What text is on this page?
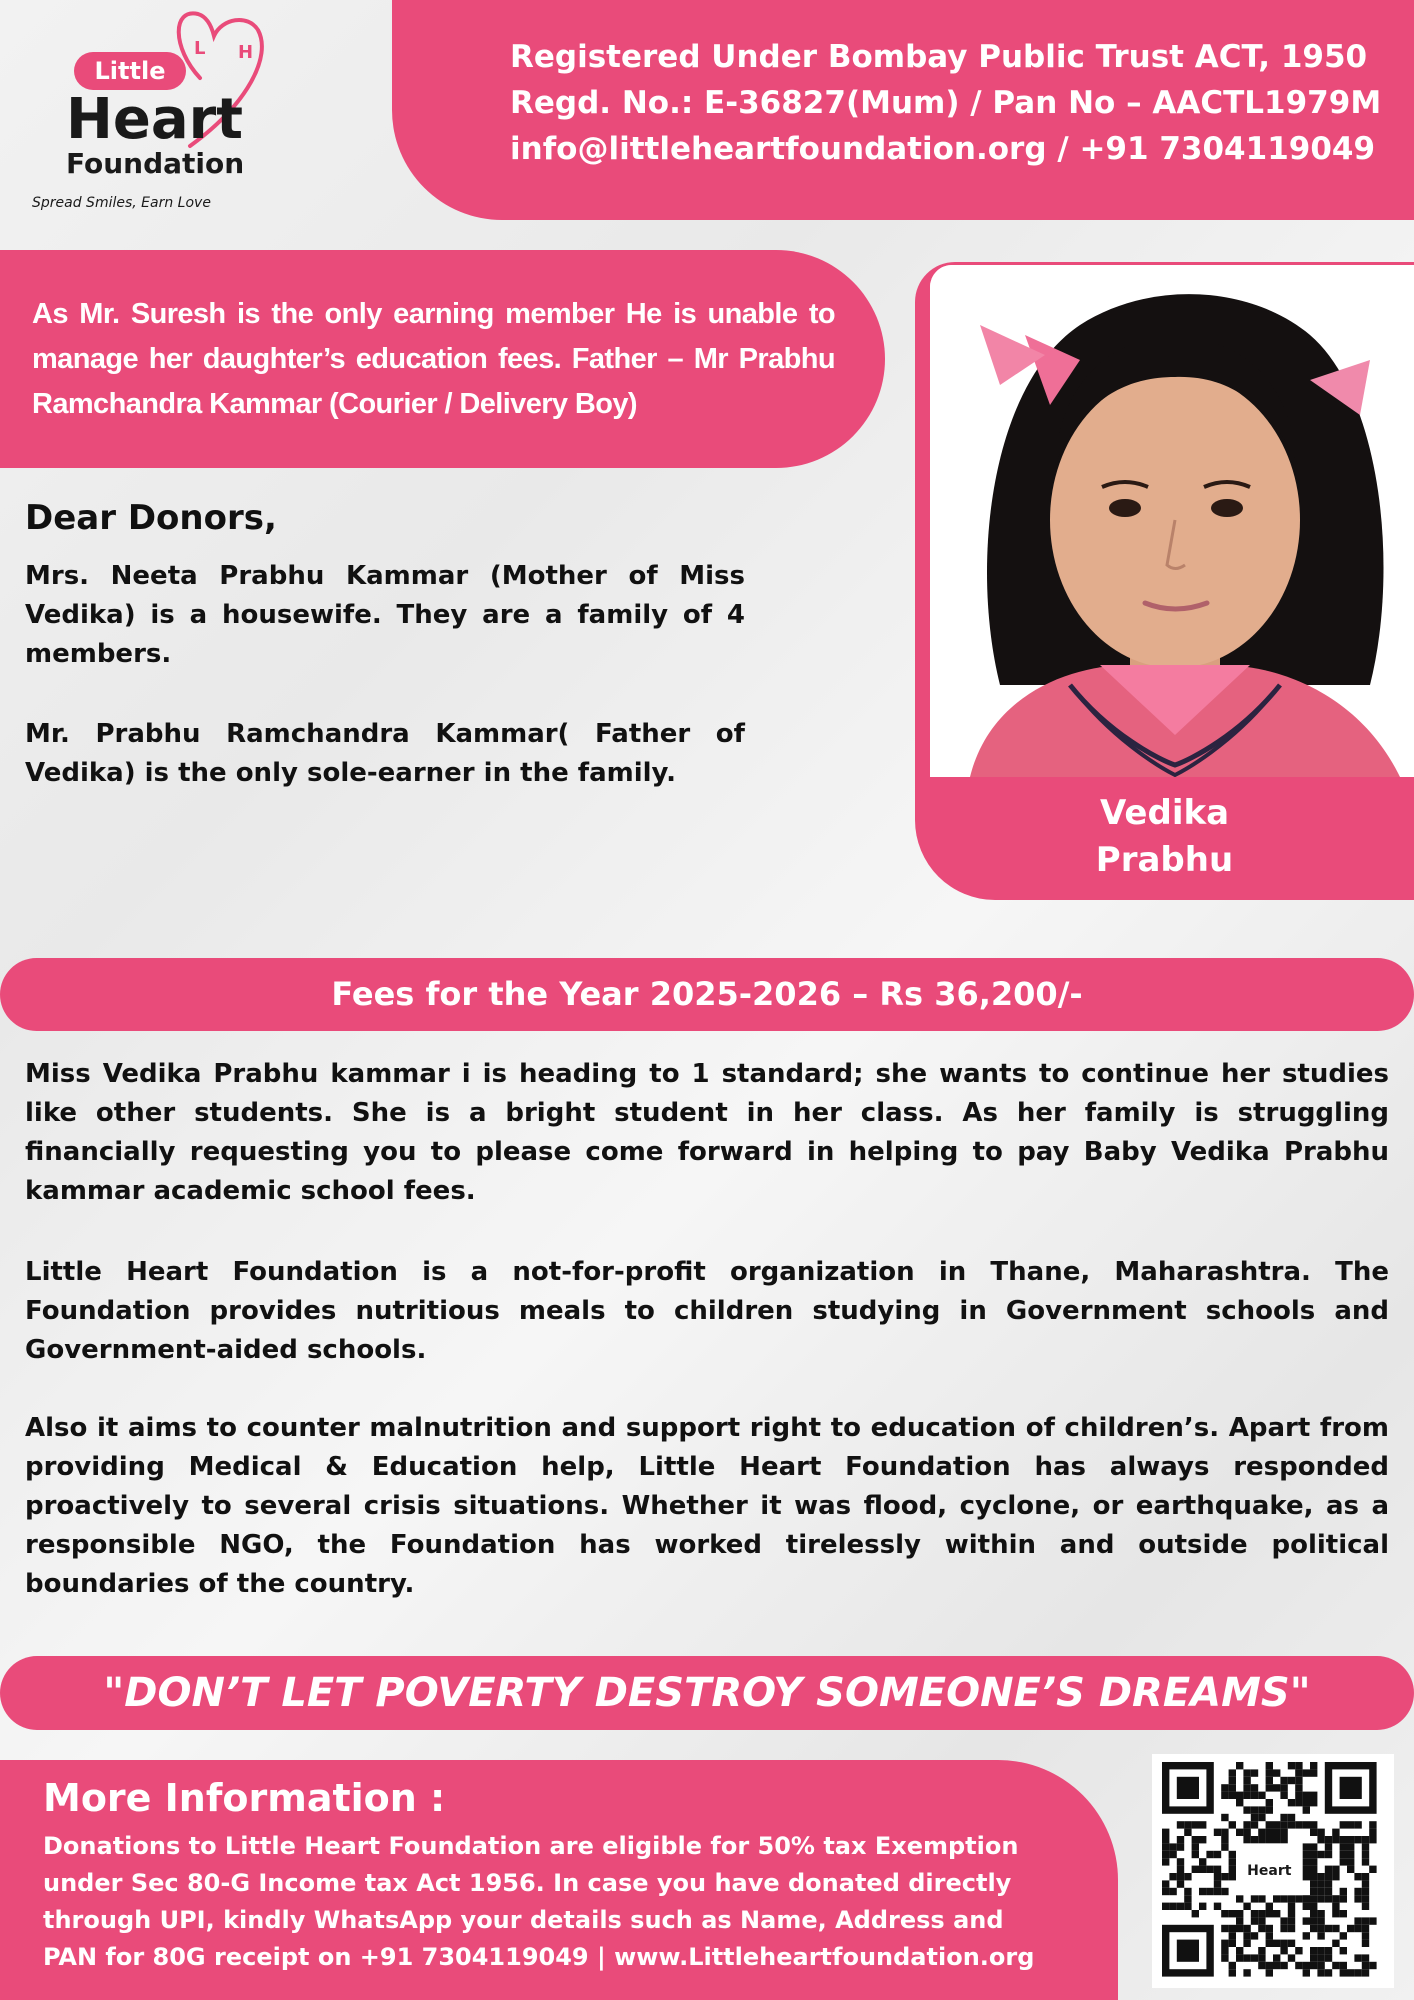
L H
Little
Heart
Foundation
Spread Smiles, Earn Love
Registered Under Bombay Public Trust ACT, 1950
Regd. No.: E-36827(Mum) / Pan No – AACTL1979M
info@littleheartfoundation.org / +91 7304119049
As Mr. Suresh is the only earning member He is unable to manage her daughter’s education fees. Father – Mr Prabhu Ramchandra Kammar (Courier / Delivery Boy)
Vedika
Prabhu
Dear Donors,

Mrs. Neeta Prabhu Kammar (Mother of Miss Vedika) is a housewife. They are a family of 4 members.

Mr. Prabhu Ramchandra Kammar( Father of Vedika) is the only sole-earner in the family.

Fees for the Year 2025-2026 – Rs 36,200/-

Miss Vedika Prabhu kammar i is heading to 1 standard; she wants to continue her studies like other students. She is a bright student in her class. As her family is struggling financially requesting you to please come forward in helping to pay Baby Vedika Prabhu kammar academic school fees.

Little Heart Foundation is a not-for-profit organization in Thane, Maharashtra. The Foundation provides nutritious meals to children studying in Government schools and Government-aided schools.

Also it aims to counter malnutrition and support right to education of children’s. Apart from providing Medical & Education help, Little Heart Foundation has always responded proactively to several crisis situations. Whether it was flood, cyclone, or earthquake, as a responsible NGO, the Foundation has worked tirelessly within and outside political boundaries of the country.

"DON’T LET POVERTY DESTROY SOMEONE’S DREAMS"

More Information :

Donations to Little Heart Foundation are eligible for 50% tax Exemption under Sec 80-G Income tax Act 1956. In case you have donated directly through UPI, kindly WhatsApp your details such as Name, Address and PAN for 80G receipt on +91 7304119049 | www.Littleheartfoundation.org

Heart
